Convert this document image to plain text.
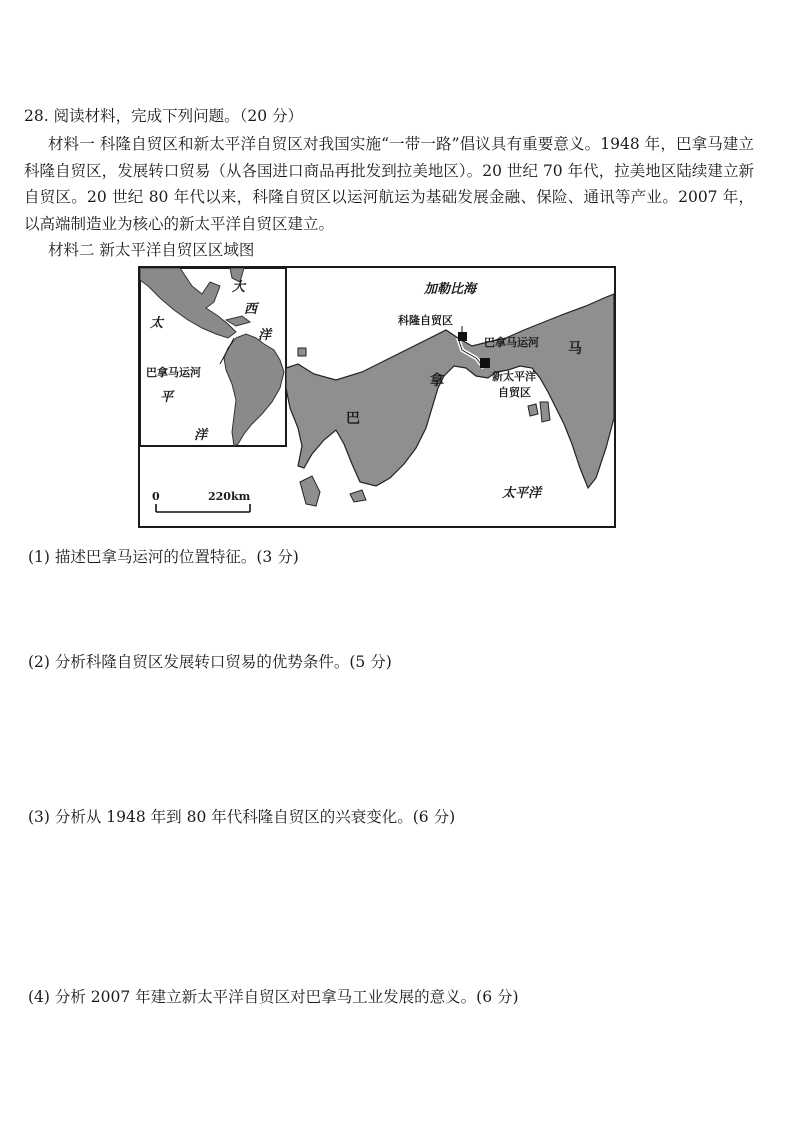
28. 阅读材料，完成下列问题。（20 分）
材料一 科隆自贸区和新太平洋自贸区对我国实施“一带一路”倡议具有重要意义。1948 年，巴拿马建立科隆自贸区，发展转口贸易（从各国进口商品再批发到拉美地区）。20 世纪 70 年代，拉美地区陆续建立新自贸区。20 世纪 80 年代以来，科隆自贸区以运河航运为基础发展金融、保险、通讯等产业。2007 年，以高端制造业为核心的新太平洋自贸区建立。
材料二 新太平洋自贸区区域图
大
西
洋
太
平
洋
巴拿马运河
加勒比海
科隆自贸区
巴拿马运河
新太平洋
自贸区
巴
拿
马
太平洋
0	220km
(1) 描述巴拿马运河的位置特征。(3 分)
(2) 分析科隆自贸区发展转口贸易的优势条件。(5 分)
(3) 分析从 1948 年到 80 年代科隆自贸区的兴衰变化。(6 分)
(4) 分析 2007 年建立新太平洋自贸区对巴拿马工业发展的意义。(6 分)
